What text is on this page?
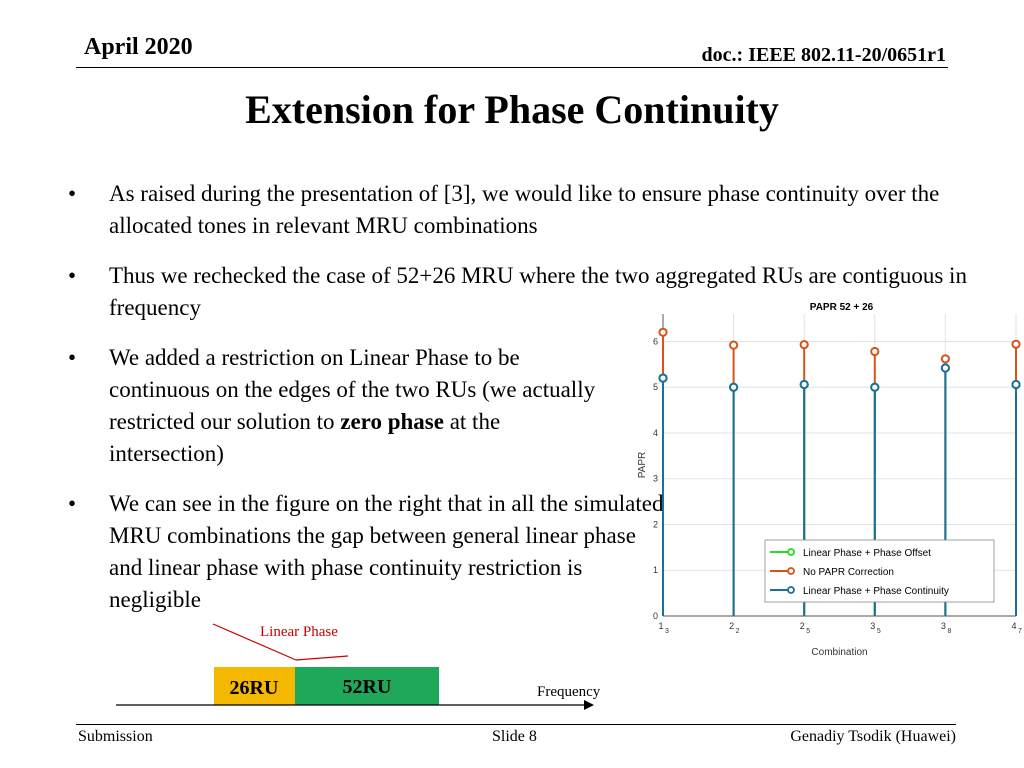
April 2020	doc.: IEEE 802.11-20/0651r1
Extension for Phase Continuity
• As raised during the presentation of [3], we would like to ensure phase continuity over the allocated tones in relevant MRU combinations
• Thus we rechecked the case of 52+26 MRU where the two aggregated RUs are contiguous in frequency
• We added a restriction on Linear Phase to be continuous on the edges of the two RUs (we actually restricted our solution to zero phase at the intersection)
• We can see in the figure on the right that in all the simulated MRU combinations the gap between general linear phase and linear phase with phase continuity restriction is negligible
0
1
2
3
4
5
6
1
3
2
2
2
5
3
5
3
8
4
7
PAPR 52 + 26
Combination
PAPR
Linear Phase + Phase Offset
No PAPR Correction
Linear Phase + Phase Continuity
Linear Phase
26RU	52RU	Frequency
Submission	Slide 8	Genadiy Tsodik (Huawei)
